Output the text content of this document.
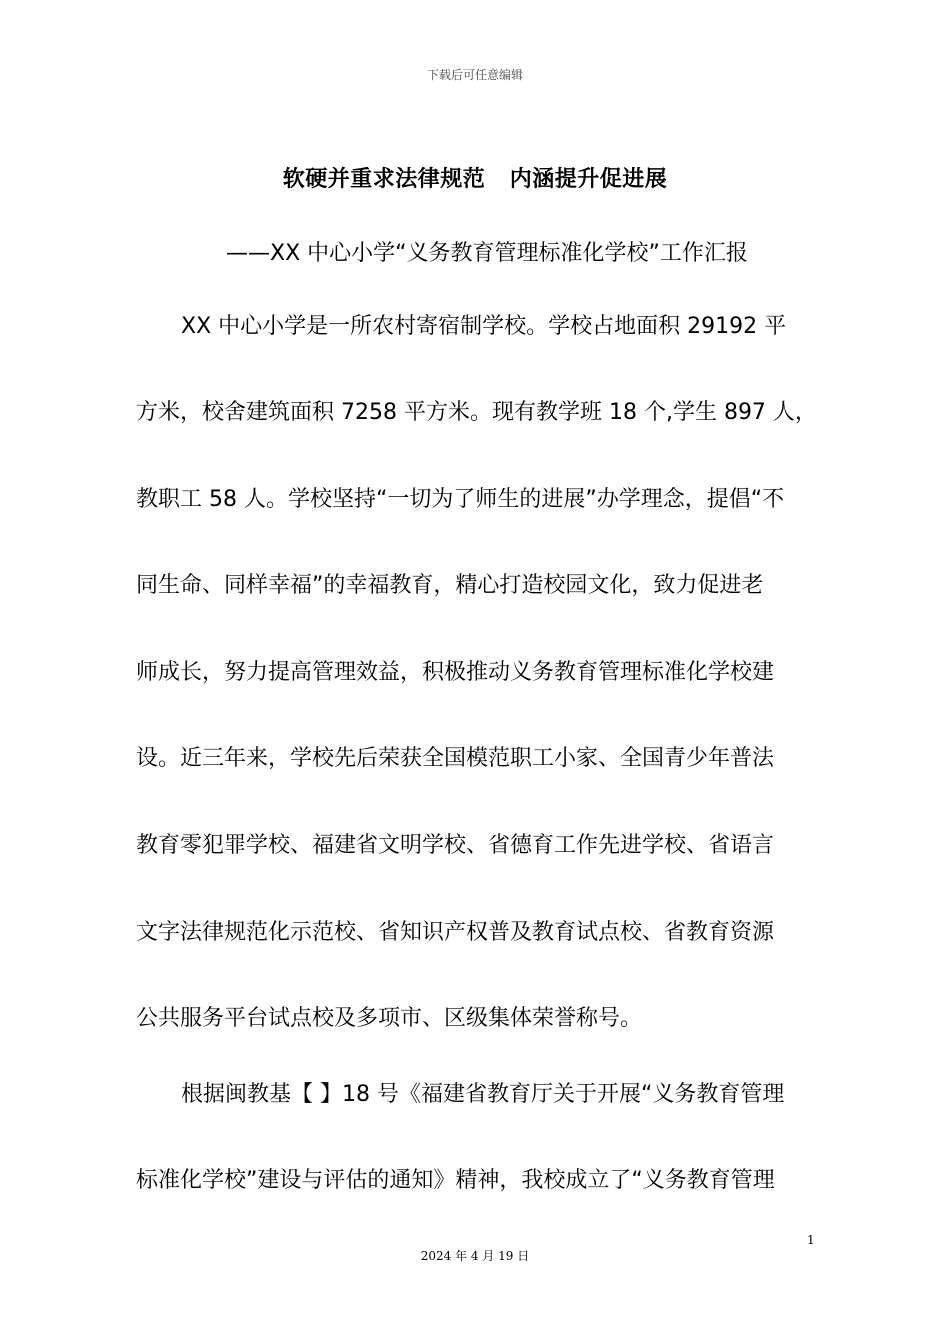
下载后可任意编辑
软硬并重求法律规范   内涵提升促进展
——XX 中心小学“义务教育管理标准化学校”工作汇报
XX 中心小学是一所农村寄宿制学校。学校占地面积 29192 平
方米，校舍建筑面积 7258 平方米。现有教学班 18 个,学生 897 人，
教职工 58 人。学校坚持“一切为了师生的进展”办学理念，提倡“不
同生命、同样幸福”的幸福教育，精心打造校园文化，致力促进老
师成长，努力提高管理效益，积极推动义务教育管理标准化学校建
设。近三年来，学校先后荣获全国模范职工小家、全国青少年普法
教育零犯罪学校、福建省文明学校、省德育工作先进学校、省语言
文字法律规范化示范校、省知识产权普及教育试点校、省教育资源
公共服务平台试点校及多项市、区级集体荣誉称号。
根据闽教基【 】18 号《福建省教育厅关于开展“义务教育管理
标准化学校”建设与评估的通知》精神，我校成立了“义务教育管理
1
2024 年 4 月 19 日
